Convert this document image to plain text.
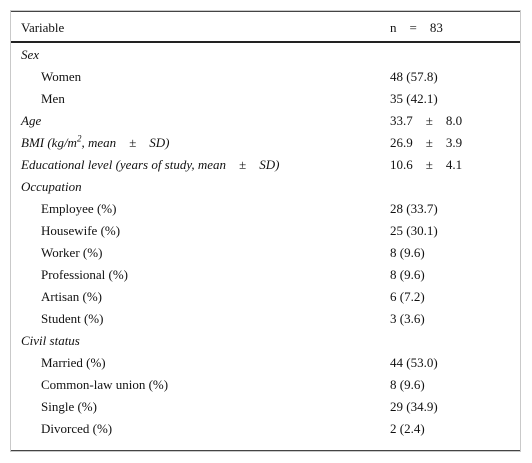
Variable	n    =    83
Sex
Women	48 (57.8)
Men	35 (42.1)
Age	33.7    ±    8.0
BMI ($kg/m^2$, mean    ±    SD)	26.9    ±    3.9
Educational level (years of study, mean    ±    SD)	10.6    ±    4.1
Occupation
Employee (%)	28 (33.7)
Housewife (%)	25 (30.1)
Worker (%)	8 (9.6)
Professional (%)	8 (9.6)
Artisan (%)	6 (7.2)
Student (%)	3 (3.6)
Civil status
Married (%)	44 (53.0)
Common-law union (%)	8 (9.6)
Single (%)	29 (34.9)
Divorced (%)	2 (2.4)
